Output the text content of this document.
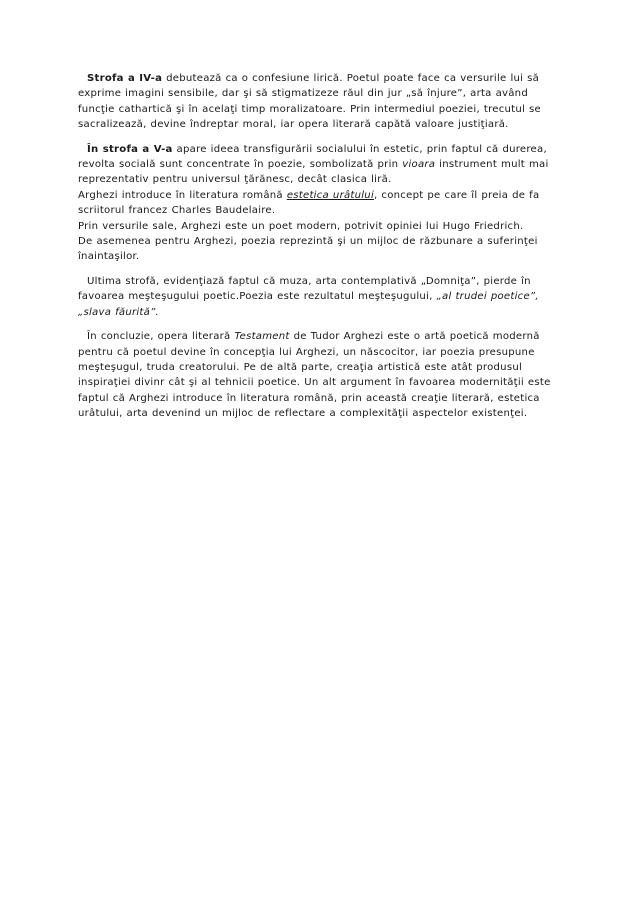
Strofa a IV-a debutează ca o confesiune lirică. Poetul poate face ca versurile lui să exprime imagini sensibile, dar şi să stigmatizeze răul din jur „să înjure”, arta având funcţie cathartică şi în acelaţi timp moralizatoare. Prin intermediul poeziei, trecutul se sacralizează, devine îndreptar moral, iar opera literară capătă valoare justiţiară.

În strofa a V-a apare ideea transfigurării socialului în estetic, prin faptul că durerea, revolta socială sunt concentrate în poezie, sombolizată prin vioara instrument mult mai reprezentativ pentru universul ţărănesc, decât clasica liră.
Arghezi introduce în literatura română estetica urâtului, concept pe care îl preia de fa scriitorul francez Charles Baudelaire.
Prin versurile sale, Arghezi este un poet modern, potrivit opiniei lui Hugo Friedrich.
De asemenea pentru Arghezi, poezia reprezintă şi un mijloc de răzbunare a suferinţei înaintaşilor.

Ultima strofă, evidenţiază faptul că muza, arta contemplativă „Domniţa”, pierde în favoarea meşteşugului poetic.Poezia este rezultatul meşteşugului, „al trudei poetice”,
„slava făurită”.

În concluzie, opera literară Testament de Tudor Arghezi este o artă poetică modernă pentru că poetul devine în concepţia lui Arghezi, un născocitor, iar poezia presupune meşteşugul, truda creatorului. Pe de altă parte, creaţia artistică este atât produsul inspiraţiei divinr cât şi al tehnicii poetice. Un alt argument în favoarea modernităţii este faptul că Arghezi introduce în literatura română, prin această creaţie literară, estetica urâtului, arta devenind un mijloc de reflectare a complexităţii aspectelor existenţei.
